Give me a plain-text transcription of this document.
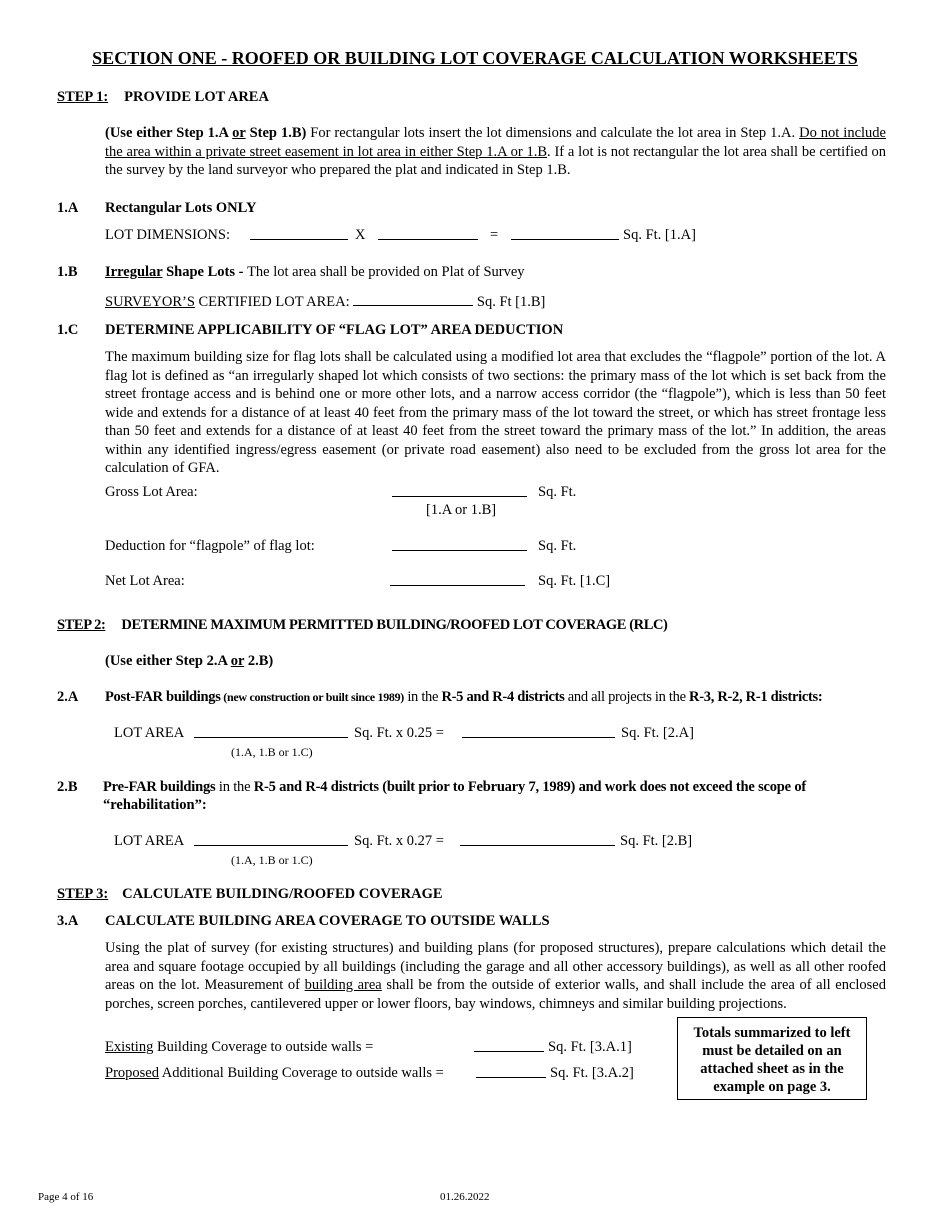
SECTION ONE - ROOFED OR BUILDING LOT COVERAGE CALCULATION WORKSHEETS
STEP 1: PROVIDE LOT AREA
(Use either Step 1.A or Step 1.B) For rectangular lots insert the lot dimensions and calculate the lot area in Step 1.A. Do not include the area within a private street easement in lot area in either Step 1.A or 1.B. If a lot is not rectangular the lot area shall be certified on the survey by the land surveyor who prepared the plat and indicated in Step 1.B.
1.A Rectangular Lots ONLY
LOT DIMENSIONS:	X	=	Sq. Ft. [1.A]
1.B Irregular Shape Lots - The lot area shall be provided on Plat of Survey
SURVEYOR’S CERTIFIED LOT AREA:	Sq. Ft [1.B]
1.C DETERMINE APPLICABILITY OF “FLAG LOT” AREA DEDUCTION
The maximum building size for flag lots shall be calculated using a modified lot area that excludes the “flagpole” portion of the lot. A flag lot is defined as “an irregularly shaped lot which consists of two sections: the primary mass of the lot which is set back from the street frontage access and is behind one or more other lots, and a narrow access corridor (the “flagpole”), which is less than 50 feet wide and extends for a distance of at least 40 feet from the primary mass of the lot toward the street, or which has street frontage less than 50 feet and extends for a distance of at least 40 feet from the street toward the primary mass of the lot.” In addition, the areas within any identified ingress/egress easement (or private road easement) also need to be excluded from the gross lot area for the calculation of GFA.
Gross Lot Area:	Sq. Ft.
[1.A or 1.B]
Deduction for “flagpole” of flag lot:	Sq. Ft.
Net Lot Area:	Sq. Ft. [1.C]
STEP 2: DETERMINE MAXIMUM PERMITTED BUILDING/ROOFED LOT COVERAGE (RLC)
(Use either Step 2.A or 2.B)
2.A Post-FAR buildings (new construction or built since 1989) in the R-5 and R-4 districts and all projects in the R-3, R-2, R-1 districts:
LOT AREA	Sq. Ft. x 0.25 =	Sq. Ft. [2.A]
(1.A, 1.B or 1.C)
2.B Pre-FAR buildings in the R-5 and R-4 districts (built prior to February 7, 1989) and work does not exceed the scope of
“rehabilitation”:
LOT AREA	Sq. Ft. x 0.27 =	Sq. Ft. [2.B]
(1.A, 1.B or 1.C)
STEP 3: CALCULATE BUILDING/ROOFED COVERAGE
3.A CALCULATE BUILDING AREA COVERAGE TO OUTSIDE WALLS
Using the plat of survey (for existing structures) and building plans (for proposed structures), prepare calculations which detail the area and square footage occupied by all buildings (including the garage and all other accessory buildings), as well as all other roofed areas on the lot. Measurement of building area shall be from the outside of exterior walls, and shall include the area of all enclosed porches, screen porches, cantilevered upper or lower floors, bay windows, chimneys and similar building projections.
Existing Building Coverage to outside walls =	Sq. Ft. [3.A.1]
Proposed Additional Building Coverage to outside walls =	Sq. Ft. [3.A.2]
Totals summarized to left must be detailed on an attached sheet as in the example on page 3.
Page 4 of 16	01.26.2022
